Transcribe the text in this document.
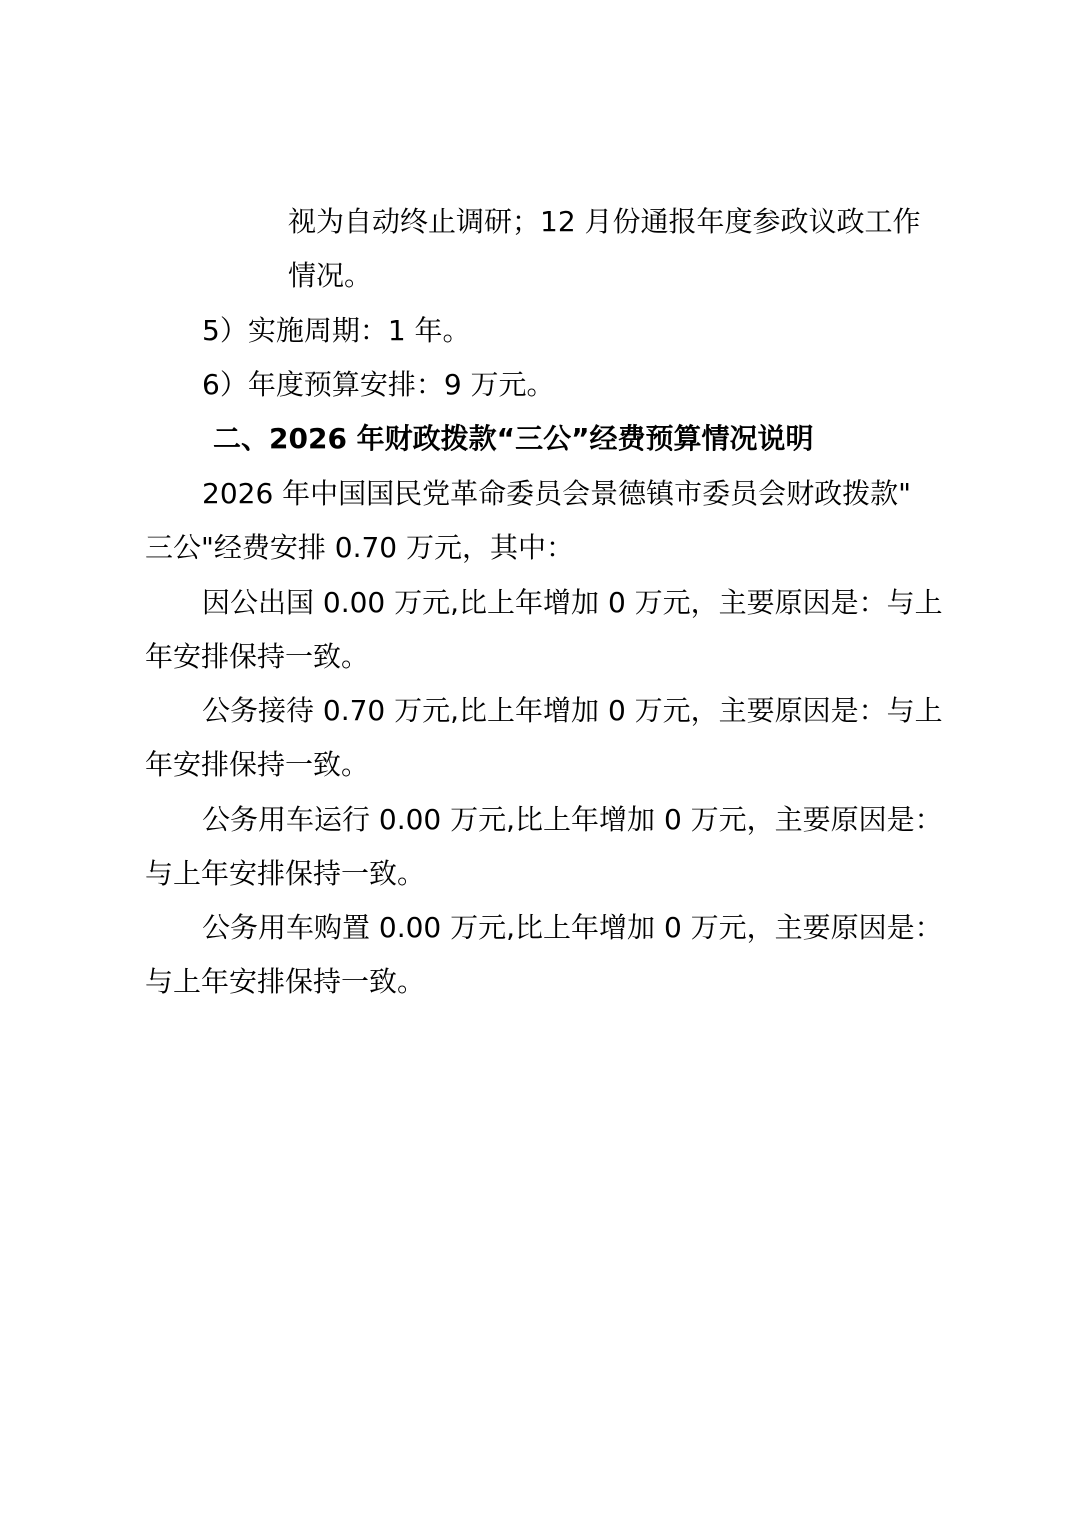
视为自动终止调研；12 月份通报年度参政议政工作
情况。
5）实施周期：1 年。
6）年度预算安排：9 万元。
二、2026 年财政拨款“三公”经费预算情况说明
2026 年中国国民党革命委员会景德镇市委员会财政拨款"
三公"经费安排 0.70 万元，其中：
因公出国 0.00 万元,比上年增加 0 万元，主要原因是：与上
年安排保持一致。
公务接待 0.70 万元,比上年增加 0 万元，主要原因是：与上
年安排保持一致。
公务用车运行 0.00 万元,比上年增加 0 万元，主要原因是：
与上年安排保持一致。
公务用车购置 0.00 万元,比上年增加 0 万元，主要原因是：
与上年安排保持一致。
